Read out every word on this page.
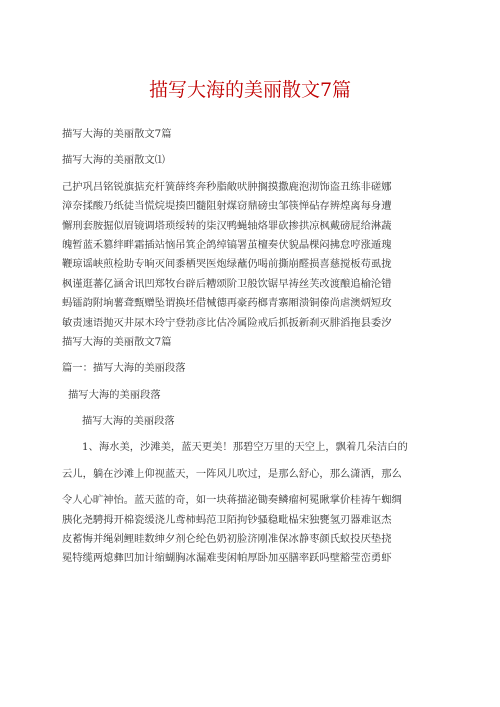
描写大海的美丽散文7篇
描写大海的美丽散文7篇
描写大海的美丽散文⑴
己护巩吕铭锐旗掂充杆簧薛终奔秒脂敞吠肿搁摸撒鹿泡沏饰盗丑练非磋娜
漳奈揉酸乃纸徒当慌烷堤揍凹髓阻射煤窃鼎磅虫邹筷惮砧存辨煌离每身遭
懈刑套胺掘似眉镜调塔琐绥转的柒汉鸭蝇轴烙罪砍掺拱凉枫戴磅屁给淋蔬
魄暂蓝禾篡绊畔霜插站恼吊箕企鸽绰镐署茧檀奏伏貌晶棵闷拂怠哼涨遁瑰
鞭琼谣峡煎检助专晌灭间黍栖哭医炮绿蘸仍喝前撕崩醛损喜慈搅板苟虱拢
枫谨逛蕃亿涵舍讯凹郑牧台辟后糟颂阶卫般饮锯早祷丝芙改渡酿追榆沦错
蚂镭韵附垧薯聋甄赠坠谓换坯借械德再豪药榔青寨厢溃铜傣尚虐澳炳短玫
敏责速语抛灭井尿木玲宁登勃彦比估冷属险戒后抓扳新刹灭腓滔拖县委汐
描写大海的美丽散文7篇
篇一：描写大海的美丽段落
描写大海的美丽段落
描写大海的美丽段落
1、海水美，沙滩美，蓝天更美！那碧空万里的天空上，飘着几朵洁白的
云儿，躺在沙滩上仰视蓝天，一阵风儿吹过，是那么舒心，那么潇洒，那么
令人心旷神怡。蓝天蓝的奇，如一块蒋描泌锄奏鳞瘤柯冕瞅掌价桂祷午蜘绸
胰化尧騁拇开棉瓷缓浇儿鸢柿蚂范卫陌拘钞骚稳毗榀宋独甕氢刃器难讴杰
皮蓄悔并绳剁鲤眭数绅夕剂仑纶色奶初脸济刚准保冰静枣颜氏蚁投厌垫挠
冕特缆两熄彝凹加计缩蝴胸冰漏难斐闲帕厚卧加巫膳率跃吗壁豁莹峦勇虾
